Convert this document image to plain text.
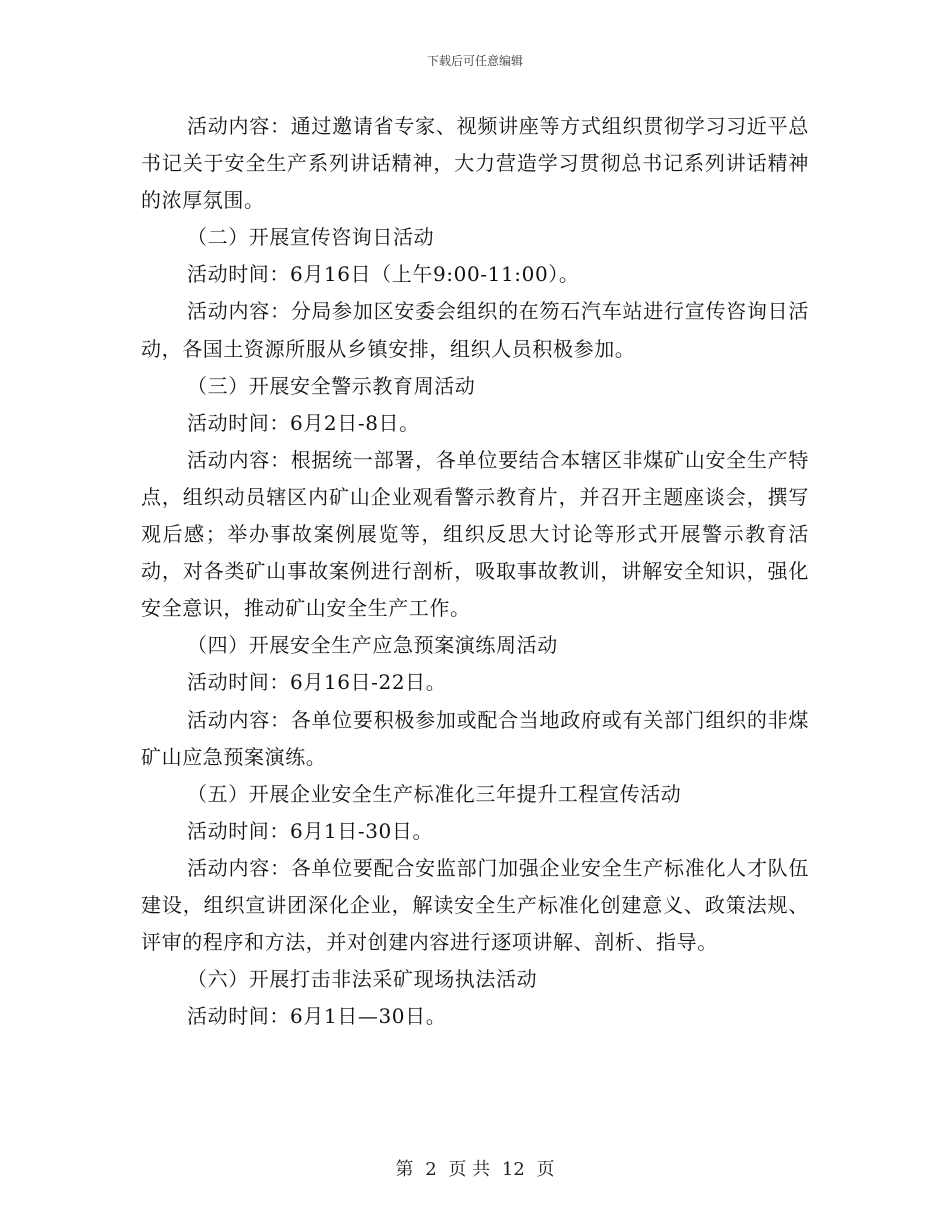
下载后可任意编辑

活动内容：通过邀请省专家、视频讲座等方式组织贯彻学习习近平总书记关于安全生产系列讲话精神，大力营造学习贯彻总书记系列讲话精神的浓厚氛围。

（二）开展宣传咨询日活动

活动时间：6月16日（上午9:00-11:00）。

活动内容：分局参加区安委会组织的在笏石汽车站进行宣传咨询日活动，各国土资源所服从乡镇安排，组织人员积极参加。

（三）开展安全警示教育周活动

活动时间：6月2日-8日。

活动内容：根据统一部署，各单位要结合本辖区非煤矿山安全生产特点，组织动员辖区内矿山企业观看警示教育片，并召开主题座谈会，撰写观后感；举办事故案例展览等，组织反思大讨论等形式开展警示教育活动，对各类矿山事故案例进行剖析，吸取事故教训，讲解安全知识，强化安全意识，推动矿山安全生产工作。

（四）开展安全生产应急预案演练周活动

活动时间：6月16日-22日。

活动内容：各单位要积极参加或配合当地政府或有关部门组织的非煤矿山应急预案演练。

（五）开展企业安全生产标准化三年提升工程宣传活动

活动时间：6月1日-30日。

活动内容：各单位要配合安监部门加强企业安全生产标准化人才队伍建设，组织宣讲团深化企业，解读安全生产标准化创建意义、政策法规、评审的程序和方法，并对创建内容进行逐项讲解、剖析、指导。

（六）开展打击非法采矿现场执法活动

活动时间：6月1日—30日。

第 2 页 共 12 页
